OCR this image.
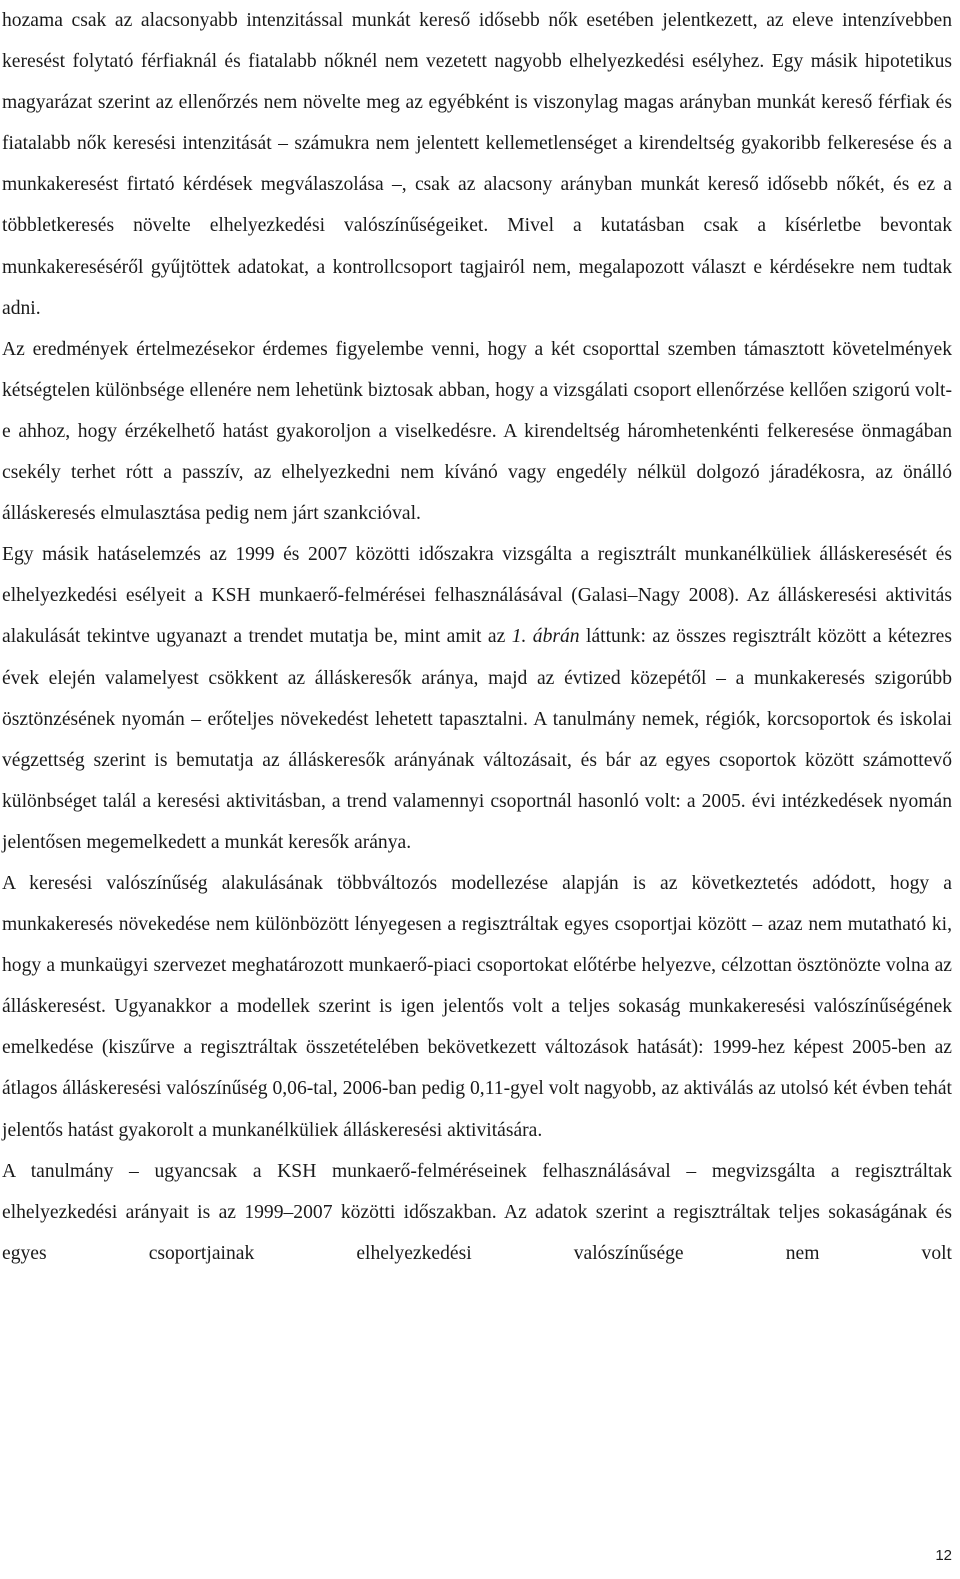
hozama csak az alacsonyabb intenzitással munkát kereső idősebb nők esetében jelentkezett, az eleve intenzívebben keresést folytató férfiaknál és fiatalabb nőknél nem vezetett nagyobb elhelyezkedési esélyhez. Egy másik hipotetikus magyarázat szerint az ellenőrzés nem növelte meg az egyébként is viszonylag magas arányban munkát kereső férfiak és fiatalabb nők keresési intenzitását – számukra nem jelentett kellemetlenséget a kirendeltség gyakoribb felkeresése és a munkakeresést firtató kérdések megválaszolása –, csak az alacsony arányban munkát kereső idősebb nőkét, és ez a többletkeresés növelte elhelyezkedési valószínűségeiket. Mivel a kutatásban csak a kísérletbe bevontak munkakereséséről gyűjtöttek adatokat, a kontrollcsoport tagjairól nem, megalapozott választ e kérdésekre nem tudtak adni.

Az eredmények értelmezésekor érdemes figyelembe venni, hogy a két csoporttal szemben támasztott követelmények kétségtelen különbsége ellenére nem lehetünk biztosak abban, hogy a vizsgálati csoport ellenőrzése kellően szigorú volt-e ahhoz, hogy érzékelhető hatást gyakoroljon a viselkedésre. A kirendeltség háromhetenkénti felkeresése önmagában csekély terhet rótt a passzív, az elhelyezkedni nem kívánó vagy engedély nélkül dolgozó járadékosra, az önálló álláskeresés elmulasztása pedig nem járt szankcióval.

Egy másik hatáselemzés az 1999 és 2007 közötti időszakra vizsgálta a regisztrált munkanélküliek álláskeresését és elhelyezkedési esélyeit a KSH munkaerő-felmérései felhasználásával (Galasi–Nagy 2008). Az álláskeresési aktivitás alakulását tekintve ugyanazt a trendet mutatja be, mint amit az 1. ábrán láttunk: az összes regisztrált között a kétezres évek elején valamelyest csökkent az álláskeresők aránya, majd az évtized közepétől – a munkakeresés szigorúbb ösztönzésének nyomán – erőteljes növekedést lehetett tapasztalni. A tanulmány nemek, régiók, korcsoportok és iskolai végzettség szerint is bemutatja az álláskeresők arányának változásait, és bár az egyes csoportok között számottevő különbséget talál a keresési aktivitásban, a trend valamennyi csoportnál hasonló volt: a 2005. évi intézkedések nyomán jelentősen megemelkedett a munkát keresők aránya.

A keresési valószínűség alakulásának többváltozós modellezése alapján is az következtetés adódott, hogy a munkakeresés növekedése nem különbözött lényegesen a regisztráltak egyes csoportjai között – azaz nem mutatható ki, hogy a munkaügyi szervezet meghatározott munkaerő-piaci csoportokat előtérbe helyezve, célzottan ösztönözte volna az álláskeresést. Ugyanakkor a modellek szerint is igen jelentős volt a teljes sokaság munkakeresési valószínűségének emelkedése (kiszűrve a regisztráltak összetételében bekövetkezett változások hatását): 1999-hez képest 2005-ben az átlagos álláskeresési valószínűség 0,06-tal, 2006-ban pedig 0,11-gyel volt nagyobb, az aktiválás az utolsó két évben tehát jelentős hatást gyakorolt a munkanélküliek álláskeresési aktivitására.

A tanulmány – ugyancsak a KSH munkaerő-felméréseinek felhasználásával – megvizsgálta a regisztráltak elhelyezkedési arányait is az 1999–2007 közötti időszakban. Az adatok szerint a regisztráltak teljes sokaságának és egyes csoportjainak elhelyezkedési valószínűsége nem volt

12
